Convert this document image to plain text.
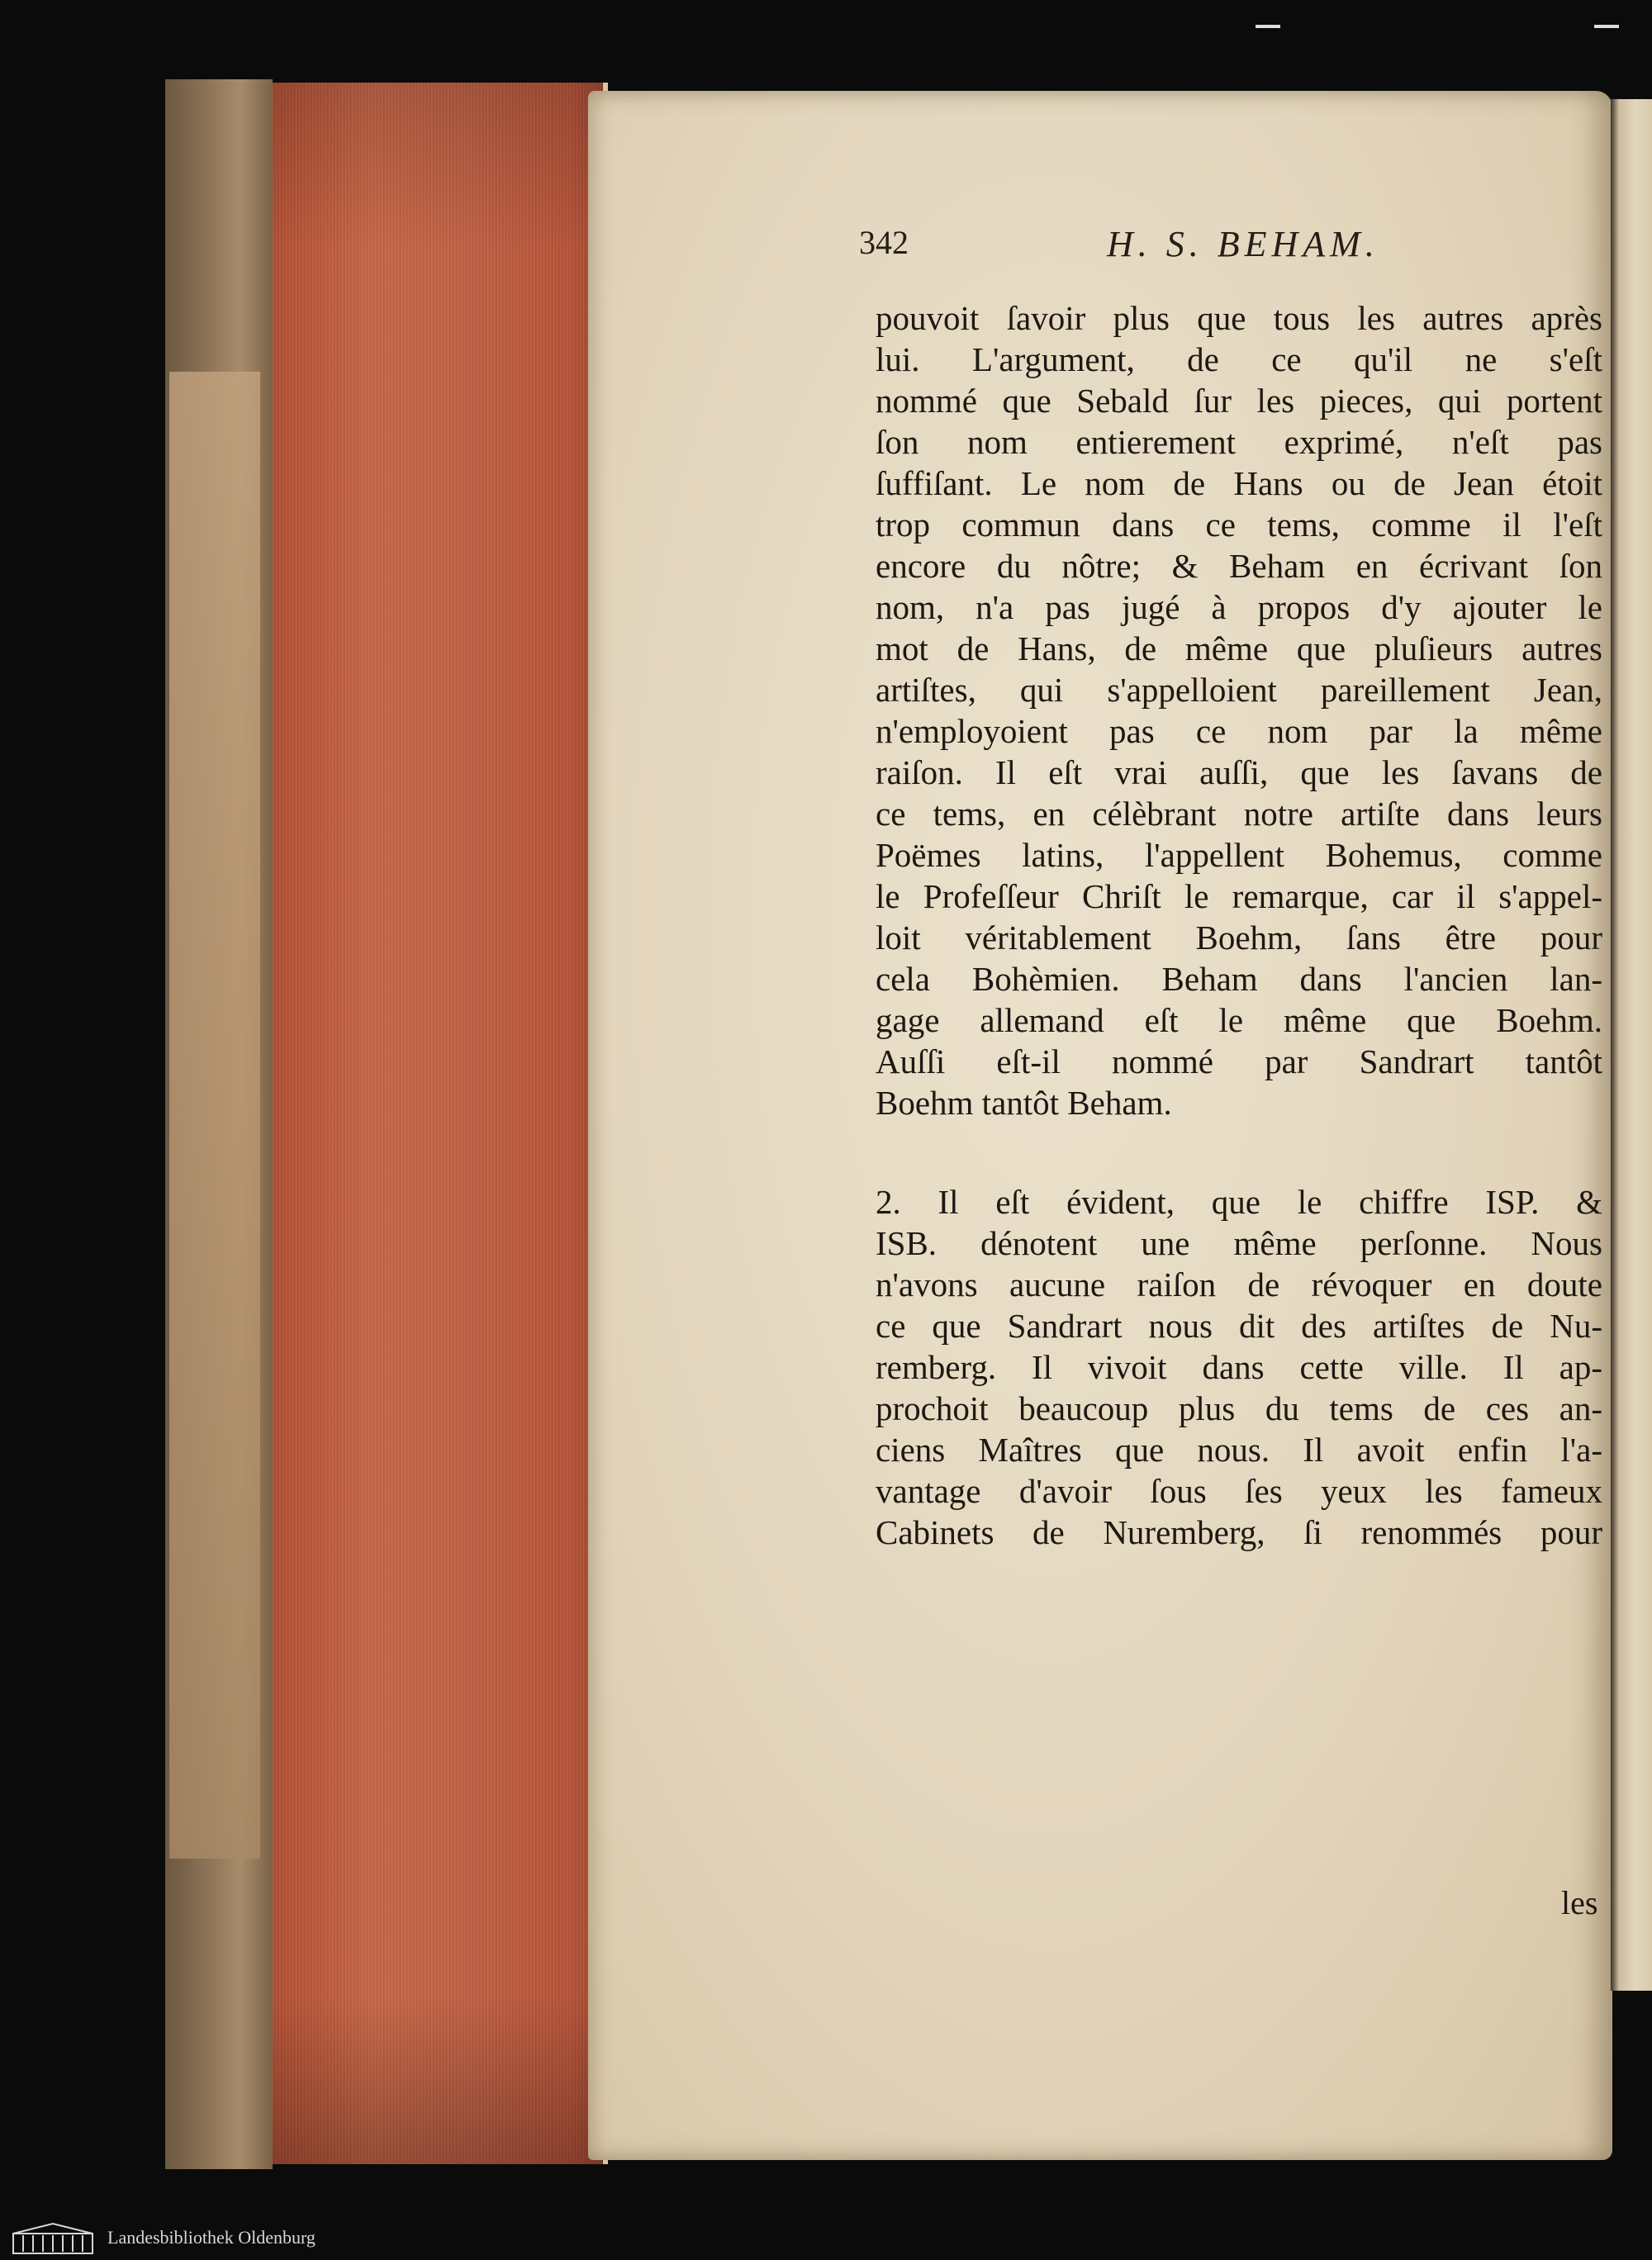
342	H. S. BEHAM.

pouvoit ſavoir plus que tous les autres après
lui. L'argument, de ce qu'il ne s'eſt
nommé que Sebald ſur les pieces, qui portent
ſon nom entierement exprimé, n'eſt pas
ſuffiſant. Le nom de Hans ou de Jean étoit
trop commun dans ce tems, comme il l'eſt
encore du nôtre; & Beham en écrivant ſon
nom, n'a pas jugé à propos d'y ajouter le
mot de Hans, de même que pluſieurs autres
artiſtes, qui s'appelloient pareillement Jean,
n'employoient pas ce nom par la même
raiſon. Il eſt vrai auſſi, que les ſavans de
ce tems, en célèbrant notre artiſte dans leurs
Poëmes latins, l'appellent Bohemus, comme
le Profeſſeur Chriſt le remarque, car il s'appel-
loit véritablement Boehm, ſans être pour
cela Bohèmien. Beham dans l'ancien lan-
gage allemand eſt le même que Boehm.
Auſſi eſt-il nommé par Sandrart tantôt
Boehm tantôt Beham.

2. Il eſt évident, que le chiffre ISP. &
ISB. dénotent une même perſonne. Nous
n'avons aucune raiſon de révoquer en doute
ce que Sandrart nous dit des artiſtes de Nu-
remberg. Il vivoit dans cette ville. Il ap-
prochoit beaucoup plus du tems de ces an-
ciens Maîtres que nous. Il avoit enfin l'a-
vantage d'avoir ſous ſes yeux les fameux
Cabinets de Nuremberg, ſi renommés pour

les
Landesbibliothek Oldenburg
